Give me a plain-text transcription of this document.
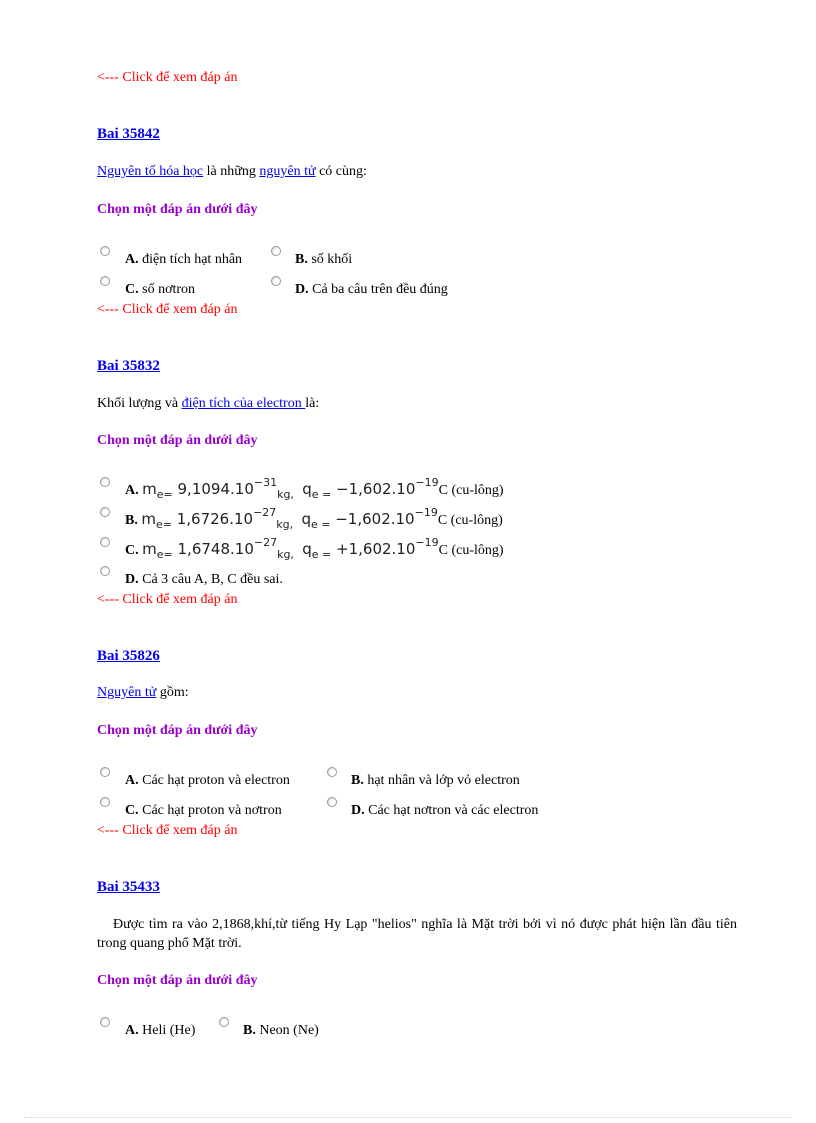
<--- Click để xem đáp án
Bai 35842
Nguyên tố hóa học là những nguyên tử có cùng:
Chọn một đáp án dưới đây
A. điện tích hạt nhân	B. số khối
C. số nơtron	D. Cả ba câu trên đều đúng
<--- Click để xem đáp án
Bai 35832
Khối lượng và điện tích của electron là:
Chọn một đáp án dưới đây
A. $m_{e=}$ $9,1094.10^{-31}_{kg,}$ $q_{e =} -1,602.10^{-19}C$ (cu-lông)
B. $m_{e=}$ $1,6726.10^{-27}_{kg,}$ $q_{e =} -1,602.10^{-19}C$ (cu-lông)
C. $m_{e=}$ $1,6748.10^{-27}_{kg,}$ $q_{e =} +1,602.10^{-19}C$ (cu-lông)
D. Cả 3 câu A, B, C đều sai.
<--- Click để xem đáp án
Bai 35826
Nguyên tử gồm:
Chọn một đáp án dưới đây
A. Các hạt proton và electron	B. hạt nhân và lớp vỏ electron
C. Các hạt proton và nơtron	D. Các hạt nơtron và các electron
<--- Click để xem đáp án
Bai 35433
Được tìm ra vào 2,1868,khí,từ tiếng Hy Lạp "helios" nghĩa là Mặt trời bởi vì nó được phát hiện lần đầu tiên trong quang phổ Mặt trời.
Chọn một đáp án dưới đây
A. Heli (He)	B. Neon (Ne)
